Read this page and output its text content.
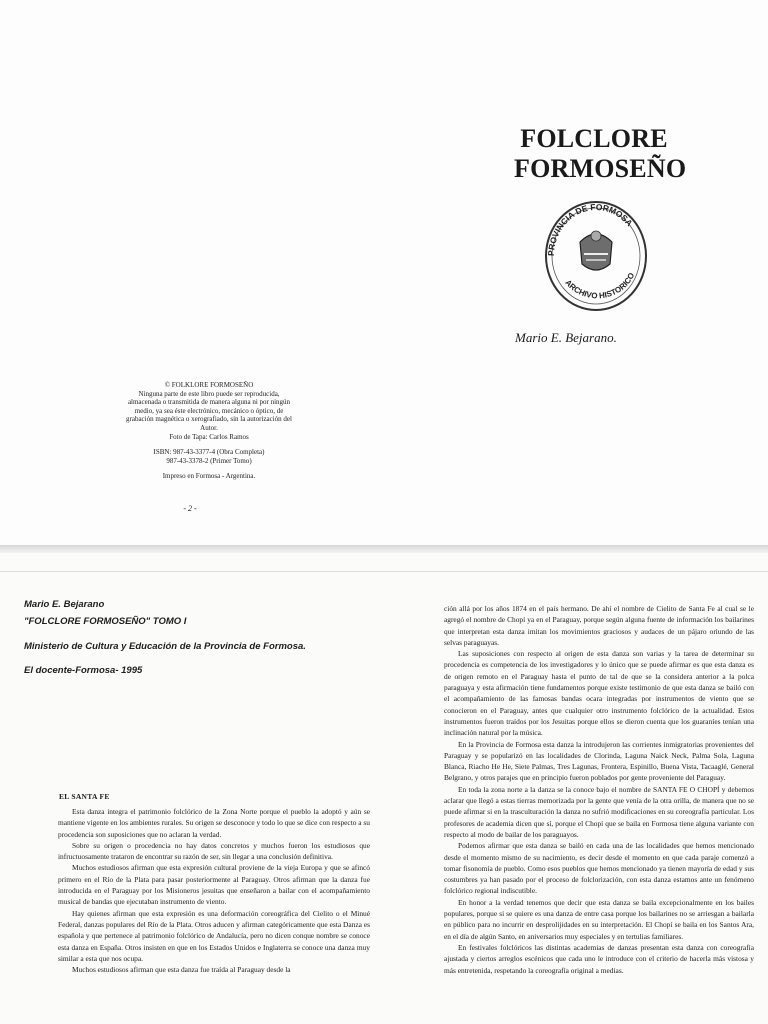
FOLCLORE
FORMOSEÑO
PROVINCIA DE FORMOSA
ARCHIVO HISTORICO
Mario E. Bejarano.

© FOLKLORE FORMOSEÑO

Ninguna parte de este libro puede ser reproducida, almacenada o transmitida de manera alguna ni por ningún medio, ya sea éste electrónico, mecánico o óptico, de grabación magnética o xerografiado, sin la autorización del Autor.

Foto de Tapa: Carlos Ramos

ISBN: 987-43-3377-4 (Obra Completa)

987-43-3378-2 (Primer Tomo)

Impreso en Formosa - Argentina.

- 2 -
Mario E. Bejarano
"FOLCLORE FORMOSEÑO" TOMO I
Ministerio de Cultura y Educación de la Provincia de Formosa.
El docente-Formosa- 1995
EL SANTA FE

Esta danza integra el patrimonio folclórico de la Zona Norte porque el pueblo la adoptó y aún se mantiene vigente en los ambientes rurales. Su origen se desconoce y todo lo que se dice con respecto a su procedencia son suposiciones que no aclaran la verdad.

Sobre su origen o procedencia no hay datos concretos y muchos fueron los estudiosos que infructuosamente trataron de encontrar su razón de ser, sin llegar a una conclusión definitiva.

Muchos estudiosos afirman que esta expresión cultural proviene de la vieja Europa y que se afincó primero en el Río de la Plata para pasar posteriormente al Paraguay. Otros afirman que la danza fue introducida en el Paraguay por los Misioneros jesuitas que enseñaron a bailar con el acompañamiento musical de bandas que ejecutaban instrumento de viento.

Hay quienes afirman que esta expresión es una deformación coreográfica del Cielito o el Minué Federal, danzas populares del Río de la Plata. Otros aducen y afirman categóricamente que esta Danza es española y que pertenece al patrimonio folclórico de Andalucía, pero no dicen conque nombre se conoce esta danza en España. Otros insisten en que en los Estados Unidos e Inglaterra se conoce una danza muy similar a esta que nos ocupa.

Muchos estudiosos afirman que esta danza fue traída al Paraguay desde la

ción allá por los años 1874 en el país hermano. De ahí el nombre de Cielito de Santa Fe al cual se le agregó el nombre de Chopí ya en el Paraguay, porque según alguna fuente de información los bailarines que interpretan esta danza imitan los movimientos graciosos y audaces de un pájaro oriundo de las selvas paraguayas.

Las suposiciones con respecto al origen de esta danza son varias y la tarea de determinar su procedencia es competencia de los investigadores y lo único que se puede afirmar es que esta danza es de origen remoto en el Paraguay hasta el punto de tal de que se la considera anterior a la polca paraguaya y esta afirmación tiene fundamentos porque existe testimonio de que esta danza se bailó con el acompañamiento de las famosas bandas ocara integradas por instrumentos de viento que se conocieron en el Paraguay, antes que cualquier otro instrumento folclórico de la actualidad. Estos instrumentos fueron traídos por los Jesuitas porque ellos se dieron cuenta que los guaraníes tenían una inclinación natural por la música.

En la Provincia de Formosa esta danza la introdujeron las corrientes inmigratorias provenientes del Paraguay y se popularizó en las localidades de Clorinda, Laguna Naick Neck, Palma Sola, Laguna Blanca, Riacho He He, Siete Palmas, Tres Lagunas, Frontera, Espinillo, Buena Vista, Tacaaglé, General Belgrano, y otros parajes que en principio fueron poblados por gente proveniente del Paraguay.

En toda la zona norte a la danza se la conoce bajo el nombre de SANTA FE O CHOPÍ y debemos aclarar que llegó a estas tierras memorizada por la gente que venía de la otra orilla, de manera que no se puede afirmar si en la trasculturación la danza no sufrió modificaciones en su coreografía particular. Los profesores de academia dicen que sí, porque el Chopí que se baila en Formosa tiene alguna variante con respecto al modo de bailar de los paraguayos.

Podemos afirmar que esta danza se bailó en cada una de las localidades que hemos mencionado desde el momento mismo de su nacimiento, es decir desde el momento en que cada paraje comenzó a tomar fisonomía de pueblo. Como esos pueblos que hemos mencionado ya tienen mayoría de edad y sus costumbres ya han pasado por el proceso de folclorización, con esta danza estamos ante un fenómeno folclórico regional indiscutible.

En honor a la verdad tenemos que decir que esta danza se baila excepcionalmente en los bailes populares, porque si se quiere es una danza de entre casa porque los bailarines no se arriesgan a bailarla en público para no incurrir en desprolijidades en su interpretación. El Chopí se baila en los Santos Ara, en el día de algún Santo, en aniversarios muy especiales y en tertulias familiares.

En festivales folclóricos las distintas academias de danzas presentan esta danza con coreografía ajustada y ciertos arreglos escénicos que cada uno le introduce con el criterio de hacerla más vistosa y más entretenida, respetando la coreografía original a medias.
